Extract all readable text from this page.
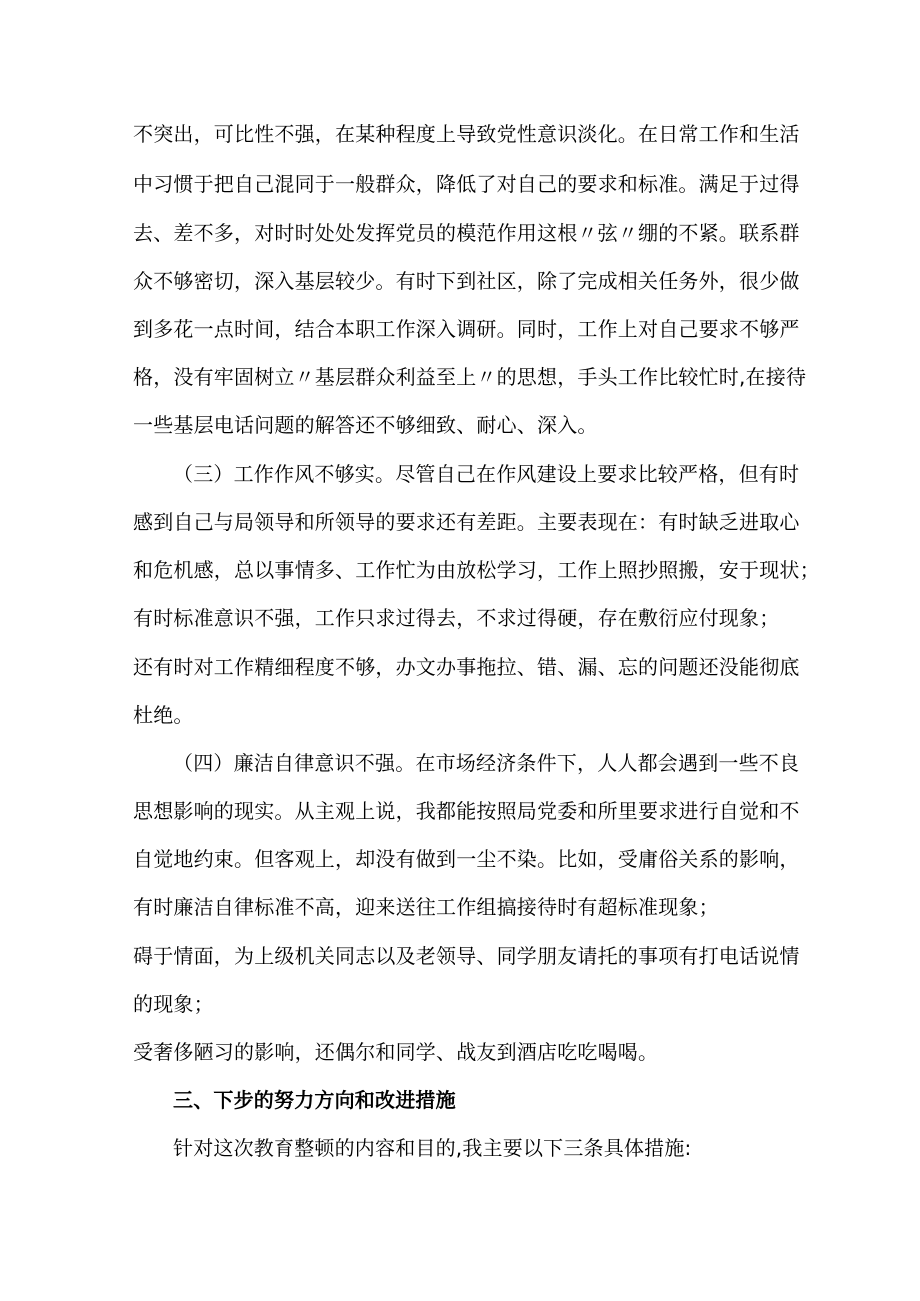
不突出，可比性不强，在某种程度上导致党性意识淡化。在日常工作和生活
中习惯于把自己混同于一般群众，降低了对自己的要求和标准。满足于过得
去、差不多，对时时处处发挥党员的模范作用这根〃弦〃绷的不紧。联系群
众不够密切，深入基层较少。有时下到社区，除了完成相关任务外，很少做
到多花一点时间，结合本职工作深入调研。同时，工作上对自己要求不够严
格，没有牢固树立〃基层群众利益至上〃的思想，手头工作比较忙时,在接待
一些基层电话问题的解答还不够细致、耐心、深入。
（三）工作作风不够实。尽管自己在作风建设上要求比较严格，但有时
感到自己与局领导和所领导的要求还有差距。主要表现在：有时缺乏进取心
和危机感，总以事情多、工作忙为由放松学习，工作上照抄照搬，安于现状；
有时标准意识不强，工作只求过得去，不求过得硬，存在敷衍应付现象；
还有时对工作精细程度不够，办文办事拖拉、错、漏、忘的问题还没能彻底
杜绝。
（四）廉洁自律意识不强。在市场经济条件下，人人都会遇到一些不良
思想影响的现实。从主观上说，我都能按照局党委和所里要求进行自觉和不
自觉地约束。但客观上，却没有做到一尘不染。比如，受庸俗关系的影响，
有时廉洁自律标准不高，迎来送往工作组搞接待时有超标准现象；
碍于情面，为上级机关同志以及老领导、同学朋友请托的事项有打电话说情
的现象；
受奢侈陋习的影响，还偶尔和同学、战友到酒店吃吃喝喝。
三、下步的努力方向和改进措施
针对这次教育整顿的内容和目的,我主要以下三条具体措施:
